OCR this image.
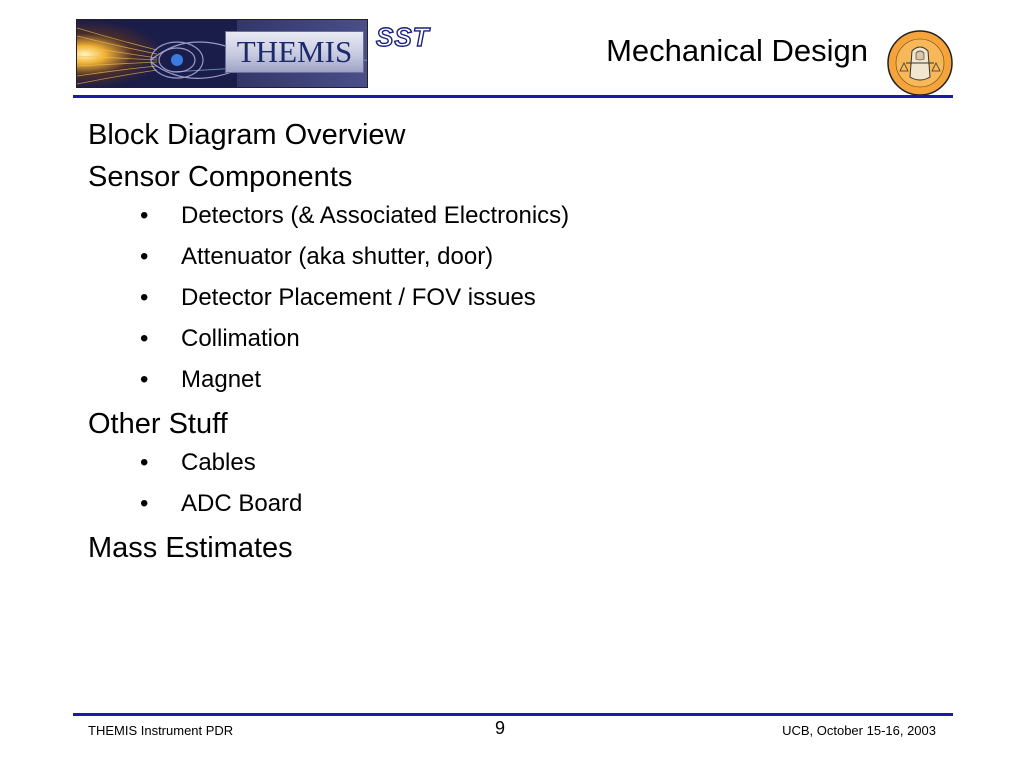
THEMIS SST	Mechanical Design
Block Diagram Overview
Sensor Components
• Detectors (& Associated Electronics)
• Attenuator (aka shutter, door)
• Detector Placement / FOV issues
• Collimation
• Magnet
Other Stuff
• Cables
• ADC Board
Mass Estimates
THEMIS Instrument PDR	9	UCB, October 15-16, 2003
